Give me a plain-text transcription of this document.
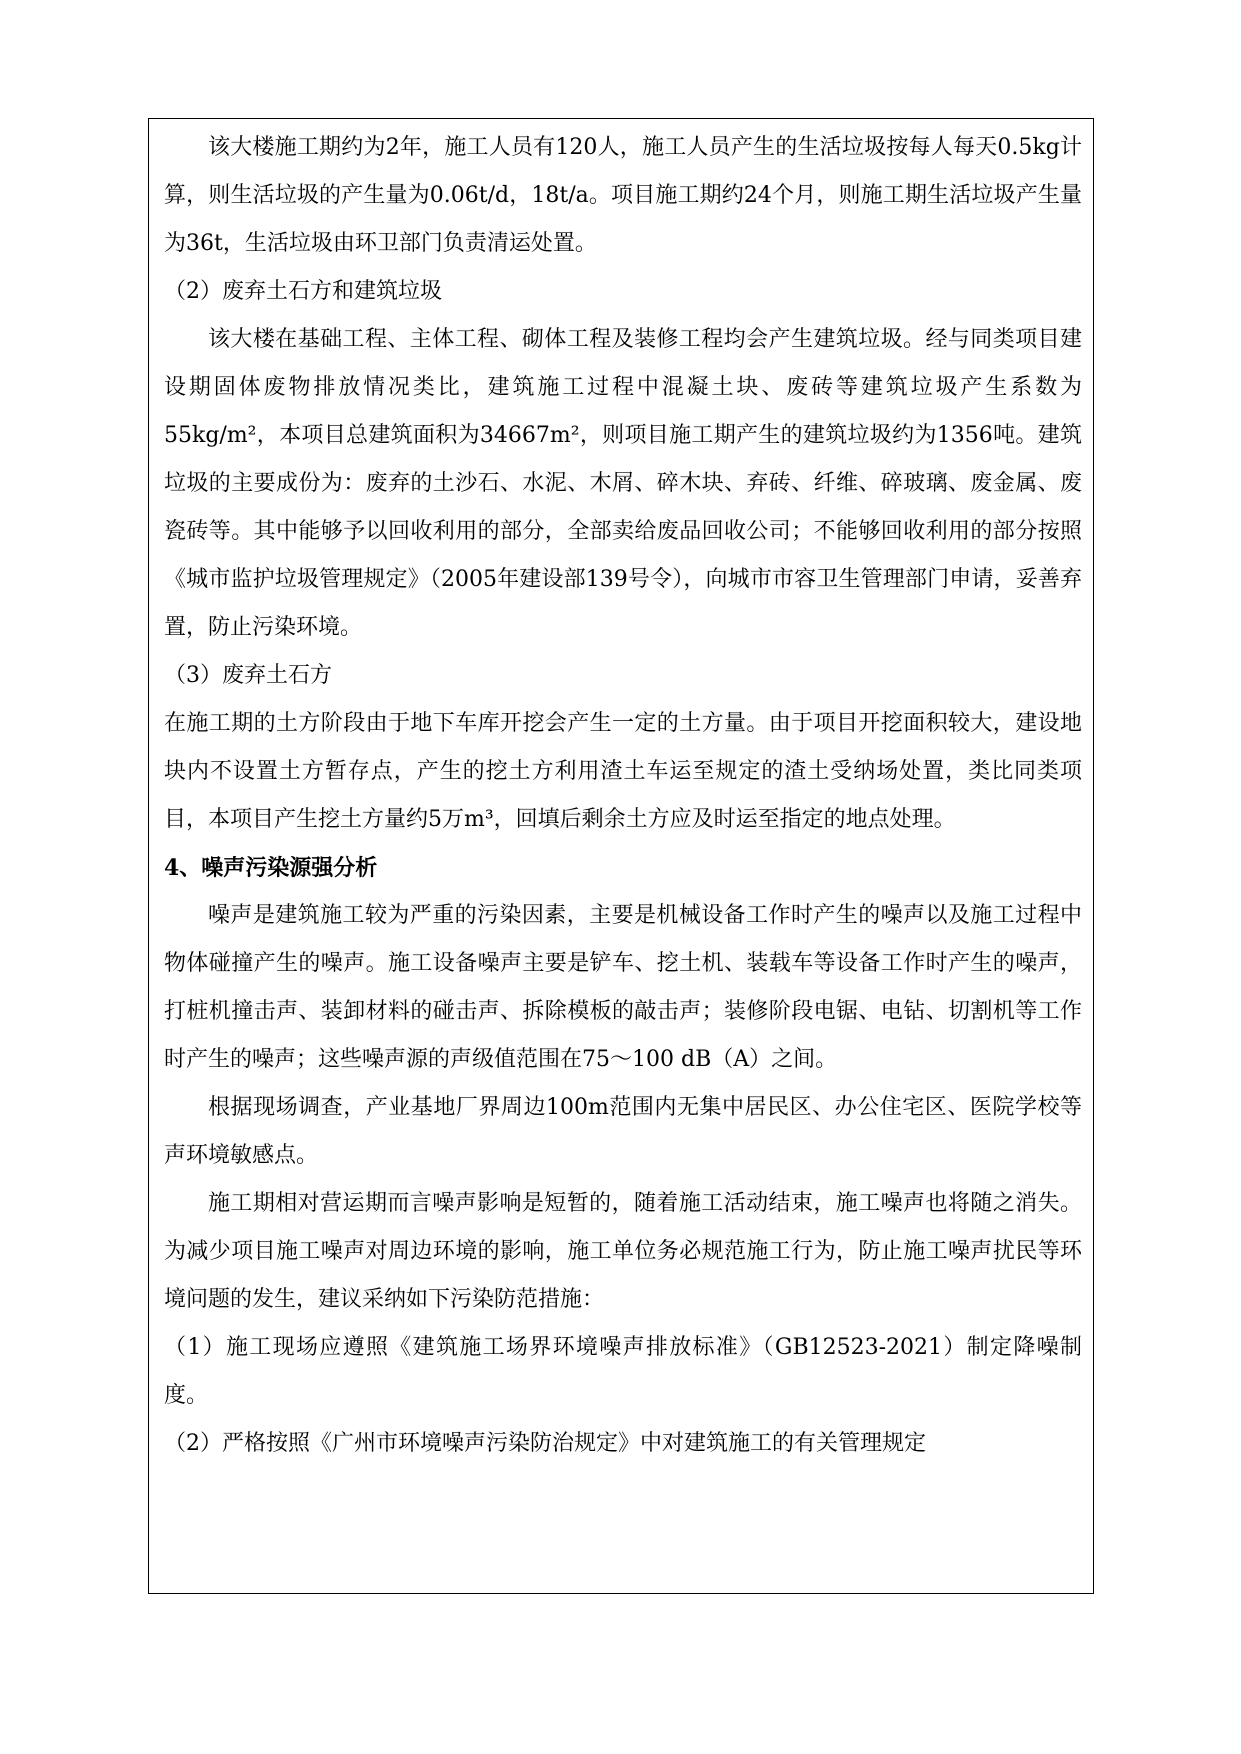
该大楼施工期约为2年，施工人员有120人，施工人员产生的生活垃圾按每人每天0.5kg计算，则生活垃圾的产生量为0.06t/d，18t/a。项目施工期约24个月，则施工期生活垃圾产生量为36t，生活垃圾由环卫部门负责清运处置。

（2）废弃土石方和建筑垃圾

该大楼在基础工程、主体工程、砌体工程及装修工程均会产生建筑垃圾。经与同类项目建设期固体废物排放情况类比，建筑施工过程中混凝土块、废砖等建筑垃圾产生系数为55kg/m²，本项目总建筑面积为34667m²，则项目施工期产生的建筑垃圾约为1356吨。建筑垃圾的主要成份为：废弃的土沙石、水泥、木屑、碎木块、弃砖、纤维、碎玻璃、废金属、废瓷砖等。其中能够予以回收利用的部分，全部卖给废品回收公司；不能够回收利用的部分按照《城市监护垃圾管理规定》（2005年建设部139号令），向城市市容卫生管理部门申请，妥善弃置，防止污染环境。

（3）废弃土石方

在施工期的土方阶段由于地下车库开挖会产生一定的土方量。由于项目开挖面积较大，建设地块内不设置土方暂存点，产生的挖土方利用渣土车运至规定的渣土受纳场处置，类比同类项目，本项目产生挖土方量约5万m³，回填后剩余土方应及时运至指定的地点处理。

4、噪声污染源强分析

噪声是建筑施工较为严重的污染因素，主要是机械设备工作时产生的噪声以及施工过程中物体碰撞产生的噪声。施工设备噪声主要是铲车、挖土机、装载车等设备工作时产生的噪声，打桩机撞击声、装卸材料的碰击声、拆除模板的敲击声；装修阶段电锯、电钻、切割机等工作时产生的噪声；这些噪声源的声级值范围在75～100 dB（A）之间。

根据现场调查，产业基地厂界周边100m范围内无集中居民区、办公住宅区、医院学校等声环境敏感点。

施工期相对营运期而言噪声影响是短暂的，随着施工活动结束，施工噪声也将随之消失。为减少项目施工噪声对周边环境的影响，施工单位务必规范施工行为，防止施工噪声扰民等环境问题的发生，建议采纳如下污染防范措施：

（1）施工现场应遵照《建筑施工场界环境噪声排放标准》（GB12523-2021）制定降噪制度。

（2）严格按照《广州市环境噪声污染防治规定》中对建筑施工的有关管理规定
